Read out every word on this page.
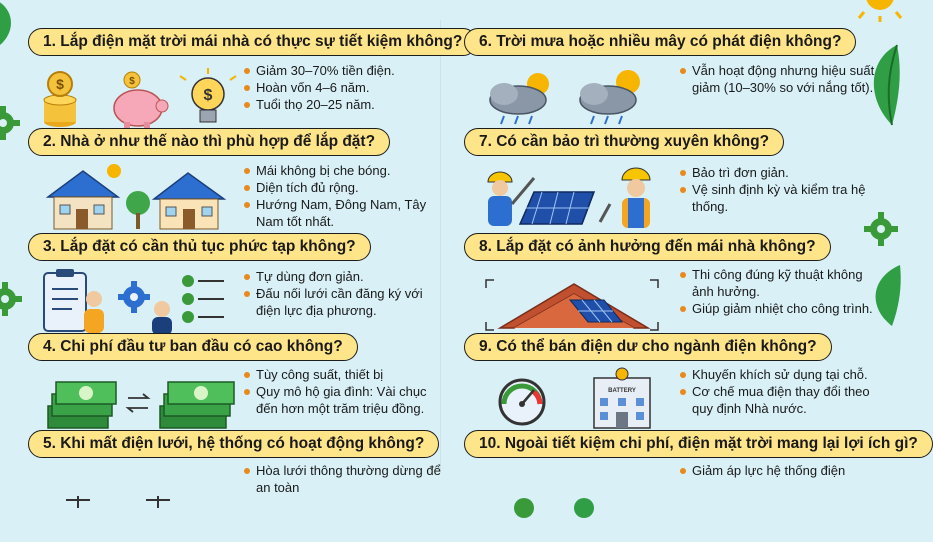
1. Lắp điện mặt trời mái nhà có thực sự tiết kiệm không?
$	$
$
Giảm 30–70% tiền điện.
Hoàn vốn 4–6 năm.
Tuổi thọ 20–25 năm.
2. Nhà ở như thế nào thì phù hợp để lắp đặt?
Mái không bị che bóng.
Diện tích đủ rộng.
Hướng Nam, Đông Nam, Tây Nam tốt nhất.
3. Lắp đặt có cần thủ tục phức tạp không?
Tự dùng đơn giản.
Đấu nối lưới cần đăng ký với điện lực địa phương.
4. Chi phí đầu tư ban đầu có cao không?
Tùy công suất, thiết bị
Quy mô hộ gia đình: Vài chục đến hơn một trăm triệu đồng.
5. Khi mất điện lưới, hệ thống có hoạt động không?
Hòa lưới thông thường dừng để an toàn
6. Trời mưa hoặc nhiều mây có phát điện không?
Vẫn hoạt động nhưng hiệu suất giảm (10–30% so với nắng tốt).
7. Có cần bảo trì thường xuyên không?
Bảo trì đơn giản.
Vệ sinh định kỳ và kiểm tra hệ thống.
8. Lắp đặt có ảnh hưởng đến mái nhà không?
Thi công đúng kỹ thuật không ảnh hưởng.
Giúp giảm nhiệt cho công trình.
9. Có thể bán điện dư cho ngành điện không?
BATTERY
Khuyến khích sử dụng tại chỗ.
Cơ chế mua điện thay đổi theo quy định Nhà nước.
10. Ngoài tiết kiệm chi phí, điện mặt trời mang lại lợi ích gì?
Giảm áp lực hệ thống điện
